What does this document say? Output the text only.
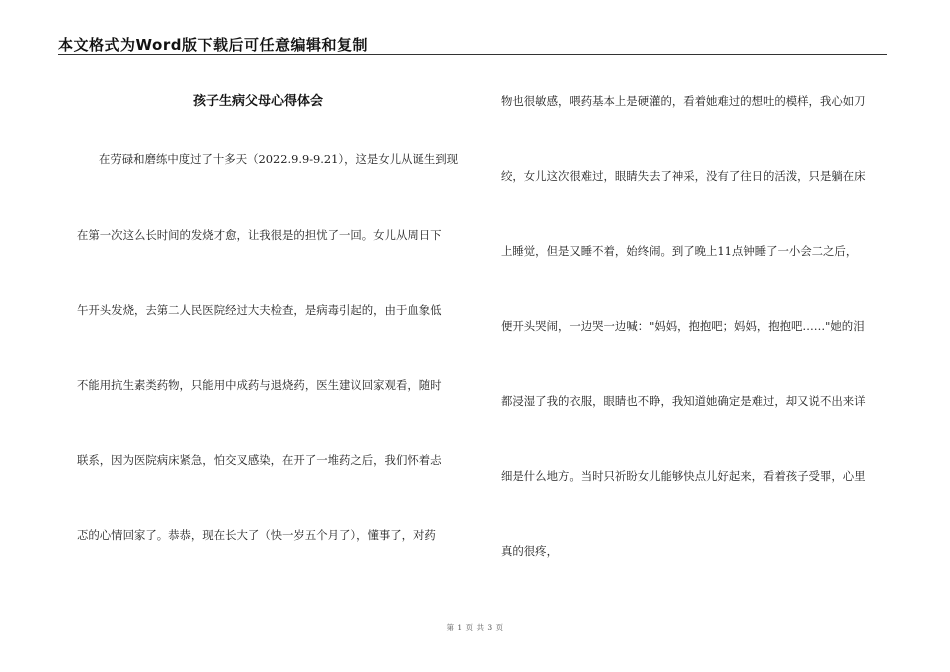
本文格式为Word版下载后可任意编辑和复制
孩子生病父母心得体会
在劳碌和磨练中度过了十多天（2022.9.9-9.21），这是女儿从诞生到现
在第一次这么长时间的发烧才愈，让我很是的担忧了一回。女儿从周日下
午开头发烧，去第二人民医院经过大夫检查，是病毒引起的，由于血象低
不能用抗生素类药物，只能用中成药与退烧药，医生建议回家观看，随时
联系，因为医院病床紧急，怕交叉感染，在开了一堆药之后，我们怀着忐
忑的心情回家了。恭恭，现在长大了（快一岁五个月了），懂事了，对药
物也很敏感，喂药基本上是硬灌的，看着她难过的想吐的模样，我心如刀
绞，女儿这次很难过，眼睛失去了神采，没有了往日的活泼，只是躺在床
上睡觉，但是又睡不着，始终闹。到了晚上11点钟睡了一小会二之后，
便开头哭闹，一边哭一边喊："妈妈，抱抱吧；妈妈，抱抱吧……"她的泪
都浸湿了我的衣服，眼睛也不睁，我知道她确定是难过，却又说不出来详
细是什么地方。当时只祈盼女儿能够快点儿好起来，看着孩子受罪，心里
真的很疼，
第 1 页 共 3 页
